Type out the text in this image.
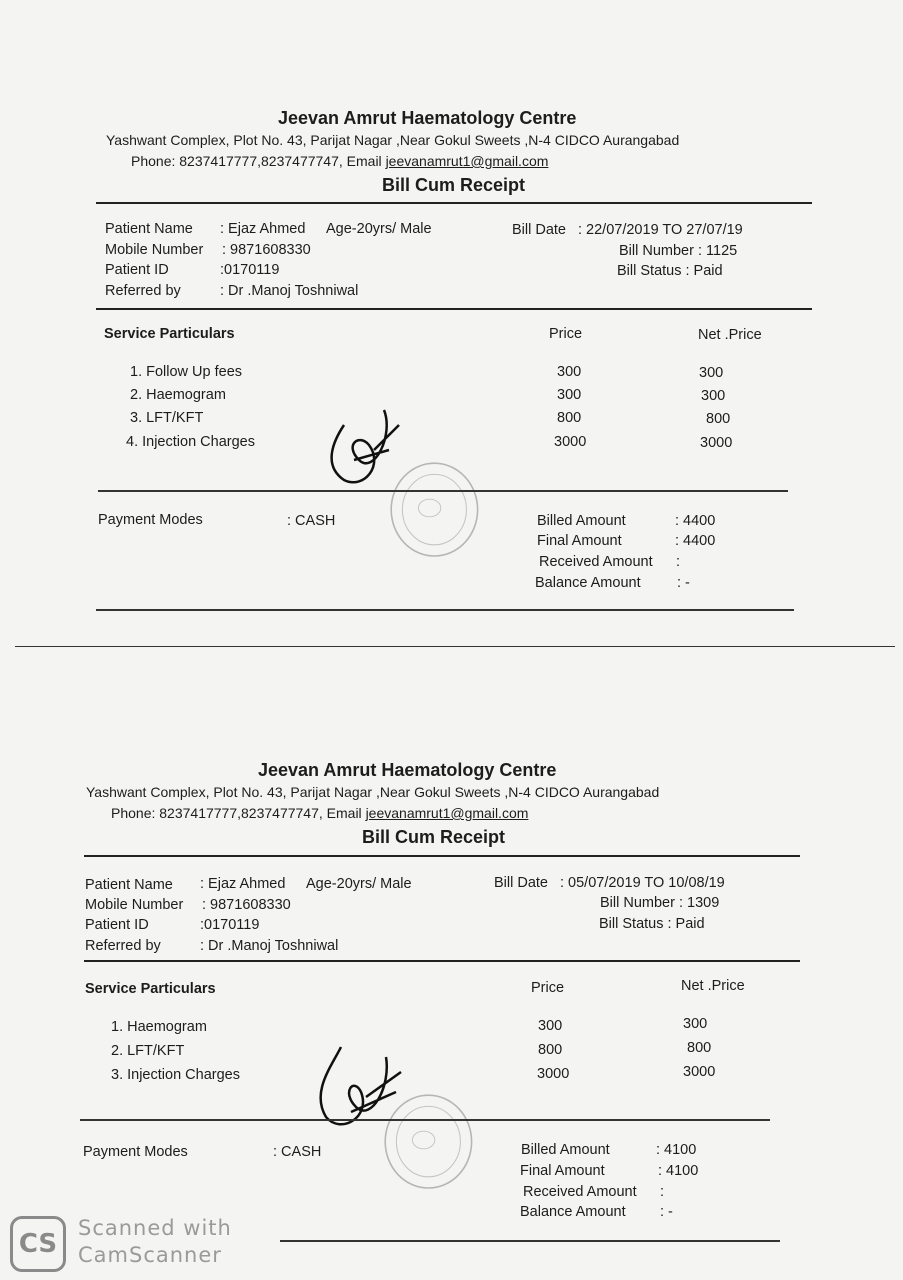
Jeevan Amrut Haematology Centre
Yashwant Complex, Plot No. 43, Parijat Nagar ,Near Gokul Sweets ,N-4 CIDCO Aurangabad
Phone: 8237417777,8237477747, Email jeevanamrut1@gmail.com
Bill Cum Receipt
Patient Name : Ejaz Ahmed Age-20yrs/ Male
Mobile Number : 9871608330
Patient ID	:0170119
Referred by	: Dr .Manoj Toshniwal
Bill Date : 22/07/2019 TO 27/07/19
Bill Number : 1125
Bill Status : Paid
Service Particulars	Price	Net .Price
1. Follow Up fees	300	300
2. Haemogram	300	300
3. LFT/KFT	800	800
4. Injection Charges	3000	3000
Payment Modes	: CASH	Billed Amount	: 4400
Final Amount	: 4400
Received Amount :
Balance Amount	: -
Jeevan Amrut Haematology Centre
Yashwant Complex, Plot No. 43, Parijat Nagar ,Near Gokul Sweets ,N-4 CIDCO Aurangabad
Phone: 8237417777,8237477747, Email jeevanamrut1@gmail.com
Bill Cum Receipt
Patient Name : Ejaz Ahmed Age-20yrs/ Male
Mobile Number : 9871608330
Patient ID	:0170119
Referred by	: Dr .Manoj Toshniwal
Bill Date : 05/07/2019 TO 10/08/19
Bill Number : 1309
Bill Status : Paid
Service Particulars	Price	Net .Price
1. Haemogram	300	300
2. LFT/KFT	800	800
3. Injection Charges	3000	3000
Payment Modes	: CASH	Billed Amount	: 4100
Final Amount	: 4100
Received Amount :
Balance Amount : -
CS
Scanned with
CamScanner
